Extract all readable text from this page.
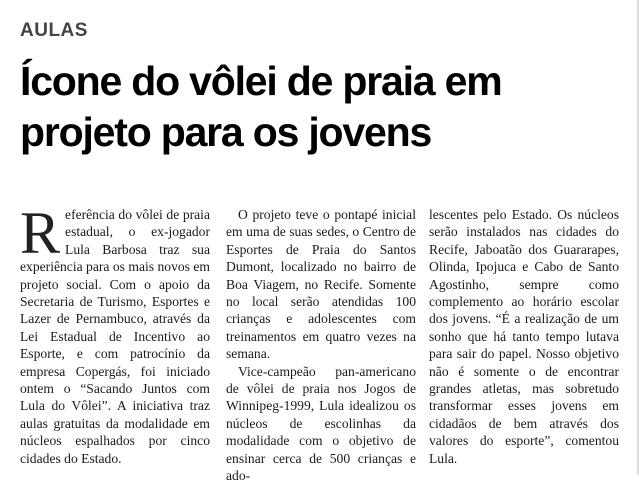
AULAS
Ícone do vôlei de praia em projeto para os jovens

Referência do vôlei de praia estadual, o ex-jogador Lula Barbosa traz sua experiência para os mais novos em projeto social. Com o apoio da Secretaria de Turismo, Esportes e Lazer de Pernambuco, através da Lei Estadual de Incentivo ao Esporte, e com patrocínio da empresa Copergás, foi iniciado ontem o “Sacando Juntos com Lula do Vôlei”. A iniciativa traz aulas gratuitas da modalidade em núcleos espalhados por cinco cidades do Estado.

O projeto teve o pontapé inicial em uma de suas sedes, o Centro de Esportes de Praia do Santos Dumont, localizado no bairro de Boa Viagem, no Recife. Somente no local serão atendidas 100 crianças e adolescentes com treinamentos em quatro vezes na semana.

Vice-campeão pan-americano de vôlei de praia nos Jogos de Winnipeg-1999, Lula idealizou os núcleos de escolinhas da modalidade com o objetivo de ensinar cerca de 500 crianças e ado-

lescentes pelo Estado. Os núcleos serão instalados nas cidades do Recife, Jaboatão dos Guararapes, Olinda, Ipojuca e Cabo de Santo Agostinho, sempre como complemento ao horário escolar dos jovens. “É a realização de um sonho que há tanto tempo lutava para sair do papel. Nosso objetivo não é somente o de encontrar grandes atletas, mas sobretudo transformar esses jovens em cidadãos de bem através dos valores do esporte”, comentou Lula.
